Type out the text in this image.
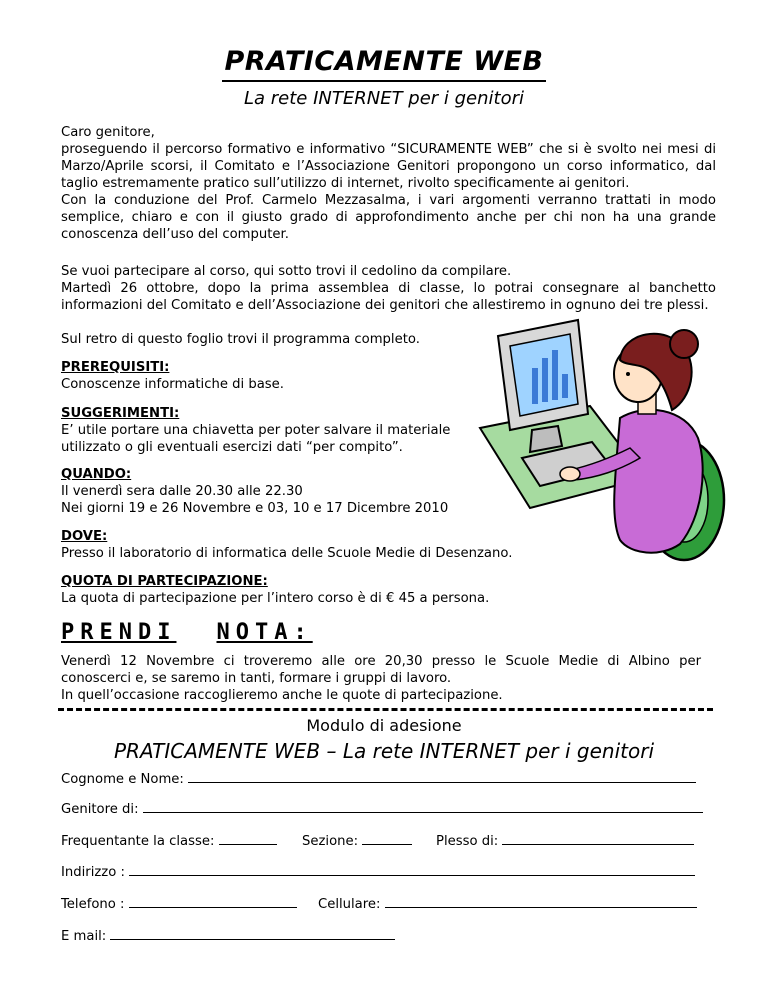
PRATICAMENTE WEB
La rete INTERNET per i genitori
Caro genitore,
proseguendo il percorso formativo e informativo “SICURAMENTE WEB” che si è svolto nei mesi di Marzo/Aprile scorsi, il Comitato e l’Associazione Genitori propongono un corso informatico, dal taglio estremamente pratico sull’utilizzo di internet, rivolto specificamente ai genitori.
Con la conduzione del Prof. Carmelo Mezzasalma, i vari argomenti verranno trattati in modo semplice, chiaro e con il giusto grado di approfondimento anche per chi non ha una grande conoscenza dell’uso del computer.
Se vuoi partecipare al corso, qui sotto trovi il cedolino da compilare.
Martedì 26 ottobre, dopo la prima assemblea di classe, lo potrai consegnare al banchetto informazioni del Comitato e dell’Associazione dei genitori che allestiremo in ognuno dei tre plessi.
Sul retro di questo foglio trovi il programma completo.
PREREQUISITI:
Conoscenze informatiche di base.
SUGGERIMENTI:
E’ utile portare una chiavetta per poter salvare il materiale
utilizzato o gli eventuali esercizi dati “per compito”.
QUANDO:
Il venerdì sera dalle 20.30 alle 22.30
Nei giorni 19 e 26 Novembre e 03, 10 e 17 Dicembre 2010
DOVE:
Presso il laboratorio di informatica delle Scuole Medie di Desenzano.
QUOTA DI PARTECIPAZIONE:
La quota di partecipazione per l’intero corso è di € 45 a persona.
PRENDI NOTA:
Venerdì 12 Novembre ci troveremo alle ore 20,30 presso le Scuole Medie di Albino per conoscerci e, se saremo in tanti, formare i gruppi di lavoro.
In quell’occasione raccoglieremo anche le quote di partecipazione.
Modulo di adesione
PRATICAMENTE WEB – La rete INTERNET per i genitori
Cognome e Nome:
Genitore di:
Frequentante la classe:	Sezione:	Plesso di:
Indirizzo :
Telefono :	Cellulare:
E mail:
